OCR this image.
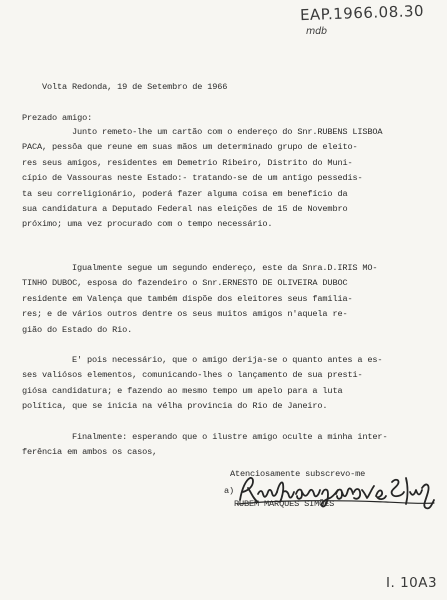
EAP.1966.08.30
mdb
Volta Redonda, 19 de Setembro de 1966
Prezado amigo:
Junto remeto-lhe um cartão com o endereço do Snr.RUBENS LISBOA
PACA, pessôa que reune em suas mãos um determinado grupo de eleito-
res seus amigos, residentes em Demetrio Ribeiro, Distrito do Muni-
cípio de Vassouras neste Estado:- tratando-se de um antigo pessedis-
ta seu correligionário, poderá fazer alguma coisa em benefício da
sua candidatura a Deputado Federal nas eleições de 15 de Novembro
próximo; uma vez procurado com o tempo necessário.
Igualmente segue um segundo endereço, este da Snra.D.IRIS MO-
TINHO DUBOC, esposa do fazendeiro o Snr.ERNESTO DE OLIVEIRA DUBOC
residente em Valença que também dispõe dos eleitores seus familia-
res; e de vários outros dentre os seus muitos amigos n'aquela re-
gião do Estado do Rio.
E' pois necessário, que o amigo derija-se o quanto antes a es-
ses valiósos elementos, comunicando-lhes o lançamento de sua presti-
giósa candidatura; e fazendo ao mesmo tempo um apelo para a luta
política, que se inicia na vélha provincia do Rio de Janeiro.
Finalmente: esperando que o ilustre amigo oculte a minha inter-
ferência em ambos os casos,
Atenciosamente subscrevo-me
a)
RUBEM MARQUES SIMÕES
I. 10A3
